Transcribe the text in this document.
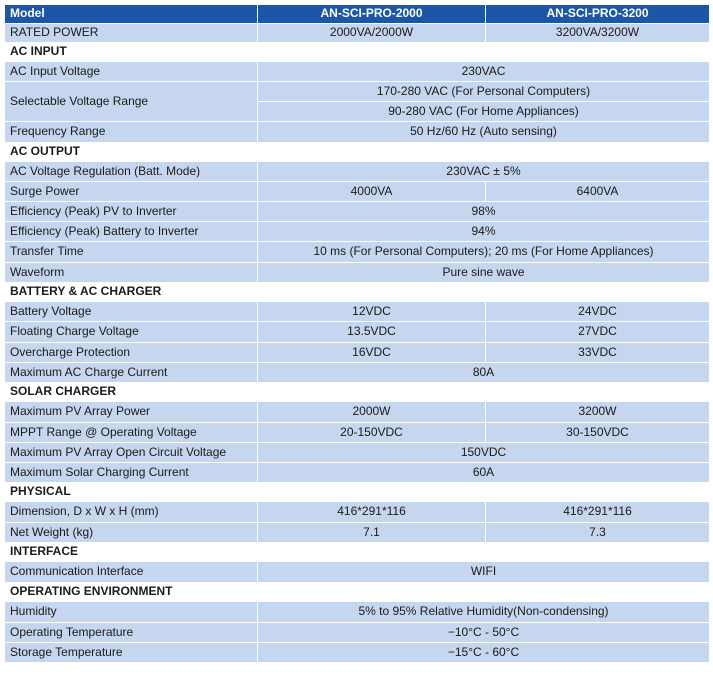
Model	AN-SCI-PRO-2000	AN-SCI-PRO-3200
RATED POWER	2000VA/2000W	3200VA/3200W
AC INPUT		
AC Input Voltage	230VAC	
Selectable Voltage Range	170-280 VAC (For Personal Computers)	
	90-280 VAC (For Home Appliances)	
Frequency Range	50 Hz/60 Hz (Auto sensing)	
AC OUTPUT		
AC Voltage Regulation (Batt. Mode)	230VAC ± 5%	
Surge Power	4000VA	6400VA
Efficiency (Peak) PV to Inverter	98%	
Efficiency (Peak) Battery to Inverter	94%	
Transfer Time	10 ms (For Personal Computers); 20 ms (For Home Appliances)	
Waveform	Pure sine wave	
BATTERY & AC CHARGER		
Battery Voltage	12VDC	24VDC
Floating Charge Voltage	13.5VDC	27VDC
Overcharge Protection	16VDC	33VDC
Maximum AC Charge Current	80A	
SOLAR CHARGER		
Maximum PV Array Power	2000W	3200W
MPPT Range @ Operating Voltage	20-150VDC	30-150VDC
Maximum PV Array Open Circuit Voltage	150VDC	
Maximum Solar Charging Current	60A	
PHYSICAL		
Dimension, D x W x H (mm)	416*291*116	416*291*116
Net Weight (kg)	7.1	7.3
INTERFACE		
Communication Interface	WIFI	
OPERATING ENVIRONMENT		
Humidity	5% to 95% Relative Humidity(Non-condensing)	
Operating Temperature	−10°C - 50°C	
Storage Temperature	−15°C - 60°C	
